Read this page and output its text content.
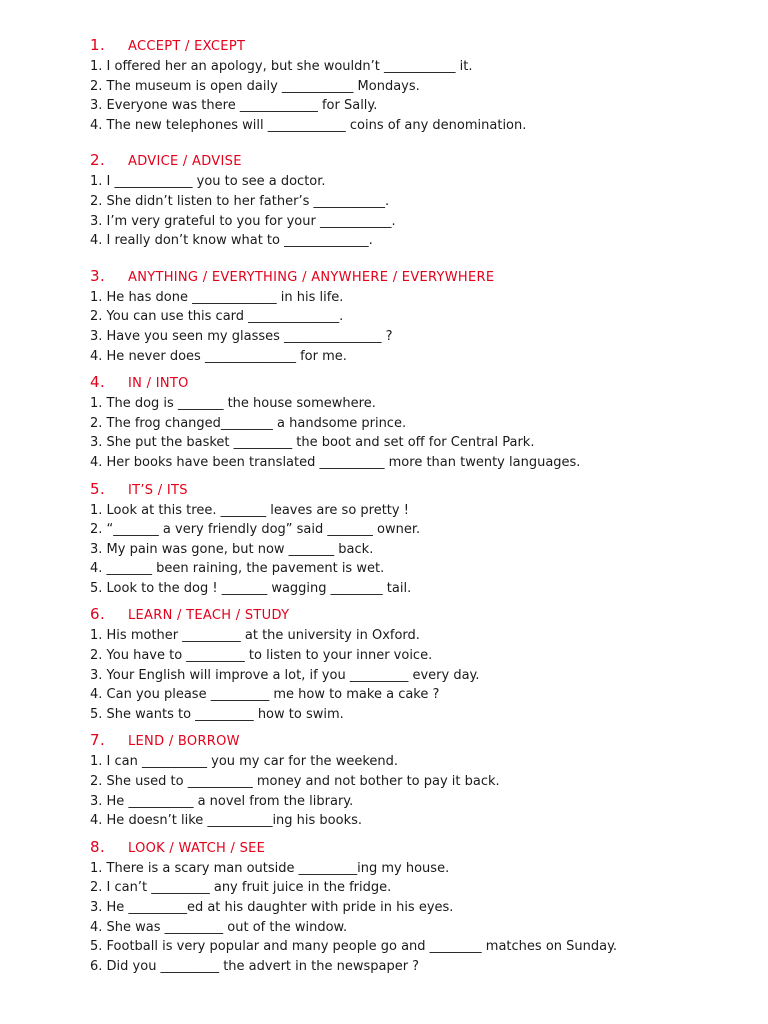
1.	ACCEPT / EXCEPT
1. I offered her an apology, but she wouldn’t ___________ it.
2. The museum is open daily ___________ Mondays.
3. Everyone was there ____________ for Sally.
4. The new telephones will ____________ coins of any denomination.
2.	ADVICE / ADVISE
1. I ____________ you to see a doctor.
2. She didn’t listen to her father’s ___________.
3. I’m very grateful to you for your ___________.
4. I really don’t know what to _____________.
3.	ANYTHING / EVERYTHING / ANYWHERE / EVERYWHERE
1. He has done _____________ in his life.
2. You can use this card ______________.
3. Have you seen my glasses _______________ ?
4. He never does ______________ for me.
4.	IN / INTO
1. The dog is _______ the house somewhere.
2. The frog changed________ a handsome prince.
3. She put the basket _________ the boot and set off for Central Park.
4. Her books have been translated __________ more than twenty languages.
5.	IT’S / ITS
1. Look at this tree. _______ leaves are so pretty !
2. “_______ a very friendly dog” said _______ owner.
3. My pain was gone, but now _______ back.
4. _______ been raining, the pavement is wet.
5. Look to the dog ! _______ wagging ________ tail.
6.	LEARN / TEACH / STUDY
1. His mother _________ at the university in Oxford.
2. You have to _________ to listen to your inner voice.
3. Your English will improve a lot, if you _________ every day.
4. Can you please _________ me how to make a cake ?
5. She wants to _________ how to swim.
7.	LEND / BORROW
1. I can __________ you my car for the weekend.
2. She used to __________ money and not bother to pay it back.
3. He __________ a novel from the library.
4. He doesn’t like __________ing his books.
8.	LOOK / WATCH / SEE
1. There is a scary man outside _________ing my house.
2. I can’t _________ any fruit juice in the fridge.
3. He _________ed at his daughter with pride in his eyes.
4. She was _________ out of the window.
5. Football is very popular and many people go and ________ matches on Sunday.
6. Did you _________ the advert in the newspaper ?
